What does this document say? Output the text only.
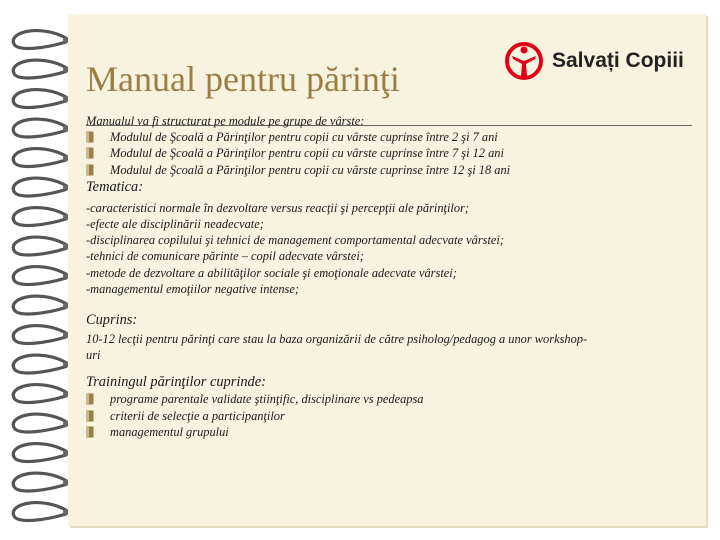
Manual pentru părinţi	Salvați Copiii
Manualul va fi structurat pe module pe grupe de vârste:
Modulul de Şcoală a Părinţilor pentru copii cu vârste cuprinse între 2 şi 7 ani
Modulul de Şcoală a Părinţilor pentru copii cu vârste cuprinse între 7 şi 12 ani
Modulul de Şcoală a Părinţilor pentru copii cu vârste cuprinse între 12 şi 18 ani
Tematica:
-caracteristici normale în dezvoltare versus reacţii şi percepţii ale părinţilor;
-efecte ale disciplinării neadecvate;
-disciplinarea copilului şi tehnici de management comportamental adecvate vârstei;
-tehnici de comunicare părinte – copil adecvate vârstei;
-metode de dezvoltare a abilităţilor sociale şi emoţionale adecvate vârstei;
-managementul emoţiilor negative intense;
Cuprins:
10-12 lecţii pentru părinţi care stau la baza organizării de către psiholog/pedagog a unor workshop-uri
Trainingul părinţilor cuprinde:
programe parentale validate ştiinţific, disciplinare vs pedeapsa
criterii de selecţie a participanţilor
managementul grupului
